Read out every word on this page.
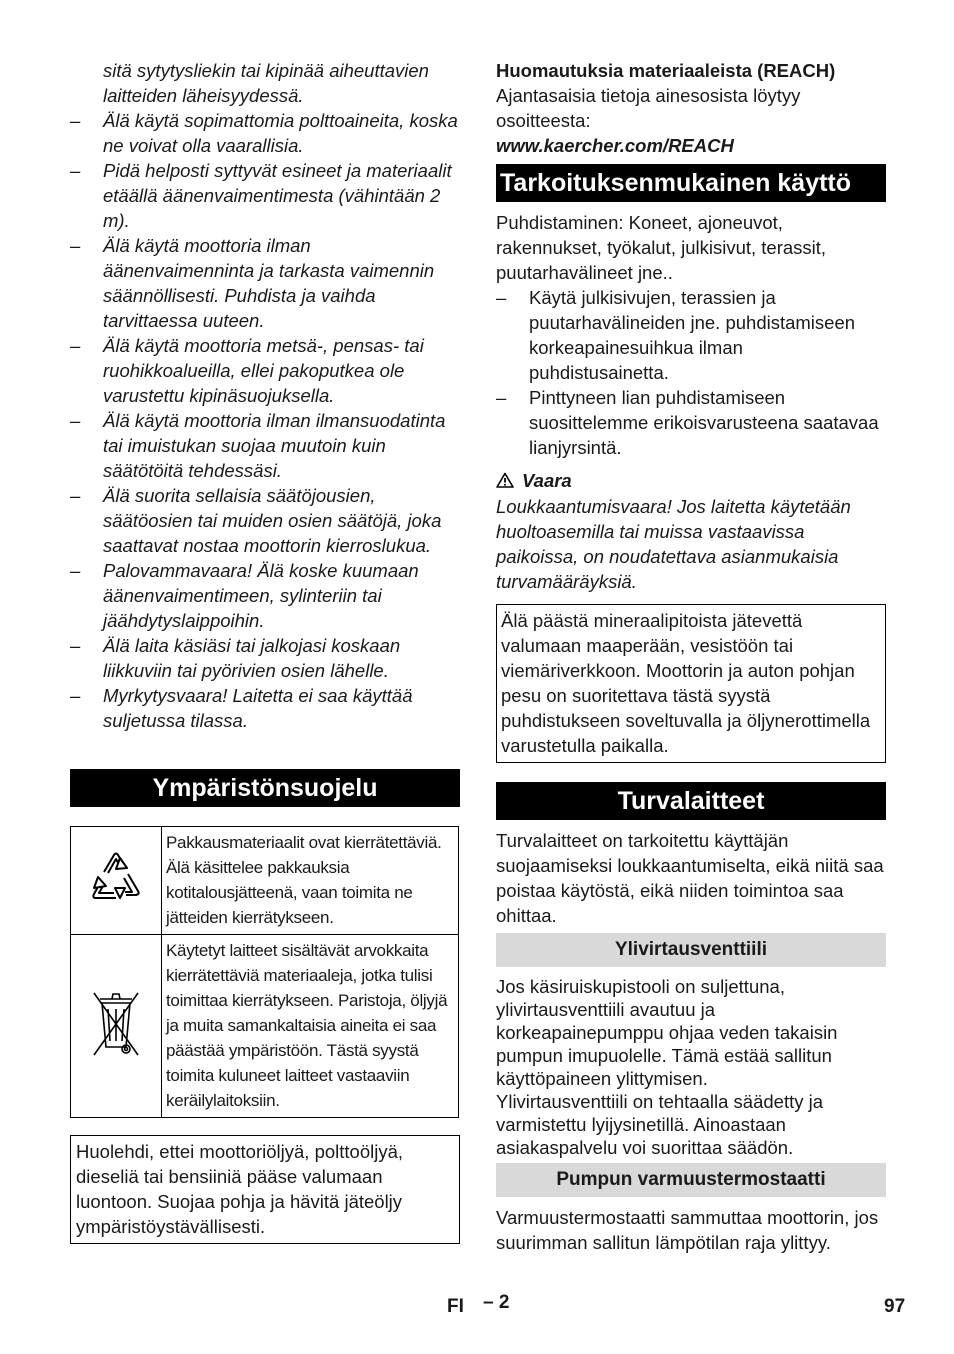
sitä sytytysliekin tai kipinää aiheuttavien laitteiden läheisyydessä.

– Älä käytä sopimattomia polttoaineita, koska ne voivat olla vaarallisia.
– Pidä helposti syttyvät esineet ja materiaalit etäällä äänenvaimentimesta (vähintään 2 m).
– Älä käytä moottoria ilman äänenvaimenninta ja tarkasta vaimennin säännöllisesti. Puhdista ja vaihda tarvittaessa uuteen.
– Älä käytä moottoria metsä-, pensas- tai ruohikkoalueilla, ellei pakoputkea ole varustettu kipinäsuojuksella.
– Älä käytä moottoria ilman ilmansuodatinta tai imuistukan suojaa muutoin kuin säätötöitä tehdessäsi.
– Älä suorita sellaisia säätöjousien, säätöosien tai muiden osien säätöjä, joka saattavat nostaa moottorin kierroslukua.
– Palovammavaara! Älä koske kuumaan äänenvaimentimeen, sylinteriin tai jäähdytyslaippoihin.
– Älä laita käsiäsi tai jalkojasi koskaan liikkuviin tai pyörivien osien lähelle.
– Myrkytysvaara! Laitetta ei saa käyttää suljetussa tilassa.
Ympäristönsuojelu
	Pakkausmateriaalit ovat kierrätettäviä. Älä käsittelee pakkauksia kotitalousjätteenä, vaan toimita ne jätteiden kierrätykseen.
	Käytetyt laitteet sisältävät arvokkaita kierrätettäviä materiaaleja, jotka tulisi toimittaa kierrätykseen. Paristoja, öljyjä ja muita samankaltaisia aineita ei saa päästää ympäristöön. Tästä syystä toimita kuluneet laitteet vastaaviin keräilylaitoksiin.
Huolehdi, ettei moottoriöljyä, polttoöljyä, dieseliä tai bensiiniä pääse valumaan luontoon. Suojaa pohja ja hävitä jäteöljy ympäristöystävällisesti.

Huomautuksia materiaaleista (REACH)

Ajantasaisia tietoja ainesosista löytyy osoitteesta:

www.kaercher.com/REACH

Tarkoituksenmukainen käyttö

Puhdistaminen: Koneet, ajoneuvot, rakennukset, työkalut, julkisivut, terassit, puutarhavälineet jne..

– Käytä julkisivujen, terassien ja puutarhavälineiden jne. puhdistamiseen korkeapainesuihkua ilman puhdistusainetta.
– Pinttyneen lian puhdistamiseen suosittelemme erikoisvarusteena saatavaa lianjyrsintä.

Vaara

Loukkaantumisvaara! Jos laitetta käytetään huoltoasemilla tai muissa vastaavissa paikoissa, on noudatettava asianmukaisia turvamääräyksiä.

Älä päästä mineraalipitoista jätevettä valumaan maaperään, vesistöön tai viemäriverkkoon. Moottorin ja auton pohjan pesu on suoritettava tästä syystä puhdistukseen soveltuvalla ja öljynerottimella varustetulla paikalla.
Turvalaitteet

Turvalaitteet on tarkoitettu käyttäjän suojaamiseksi loukkaantumiselta, eikä niitä saa poistaa käytöstä, eikä niiden toimintoa saa ohittaa.

Ylivirtausventtiili

Jos käsiruiskupistooli on suljettuna, ylivirtausventtiili avautuu ja korkeapainepumppu ohjaa veden takaisin pumpun imupuolelle. Tämä estää sallitun käyttöpaineen ylittymisen.

Ylivirtausventtiili on tehtaalla säädetty ja varmistettu lyijysinetillä. Ainoastaan asiakaspalvelu voi suorittaa säädön.

Pumpun varmuustermostaatti

Varmuustermostaatti sammuttaa moottorin, jos suurimman sallitun lämpötilan raja ylittyy.

FI – 2	97
